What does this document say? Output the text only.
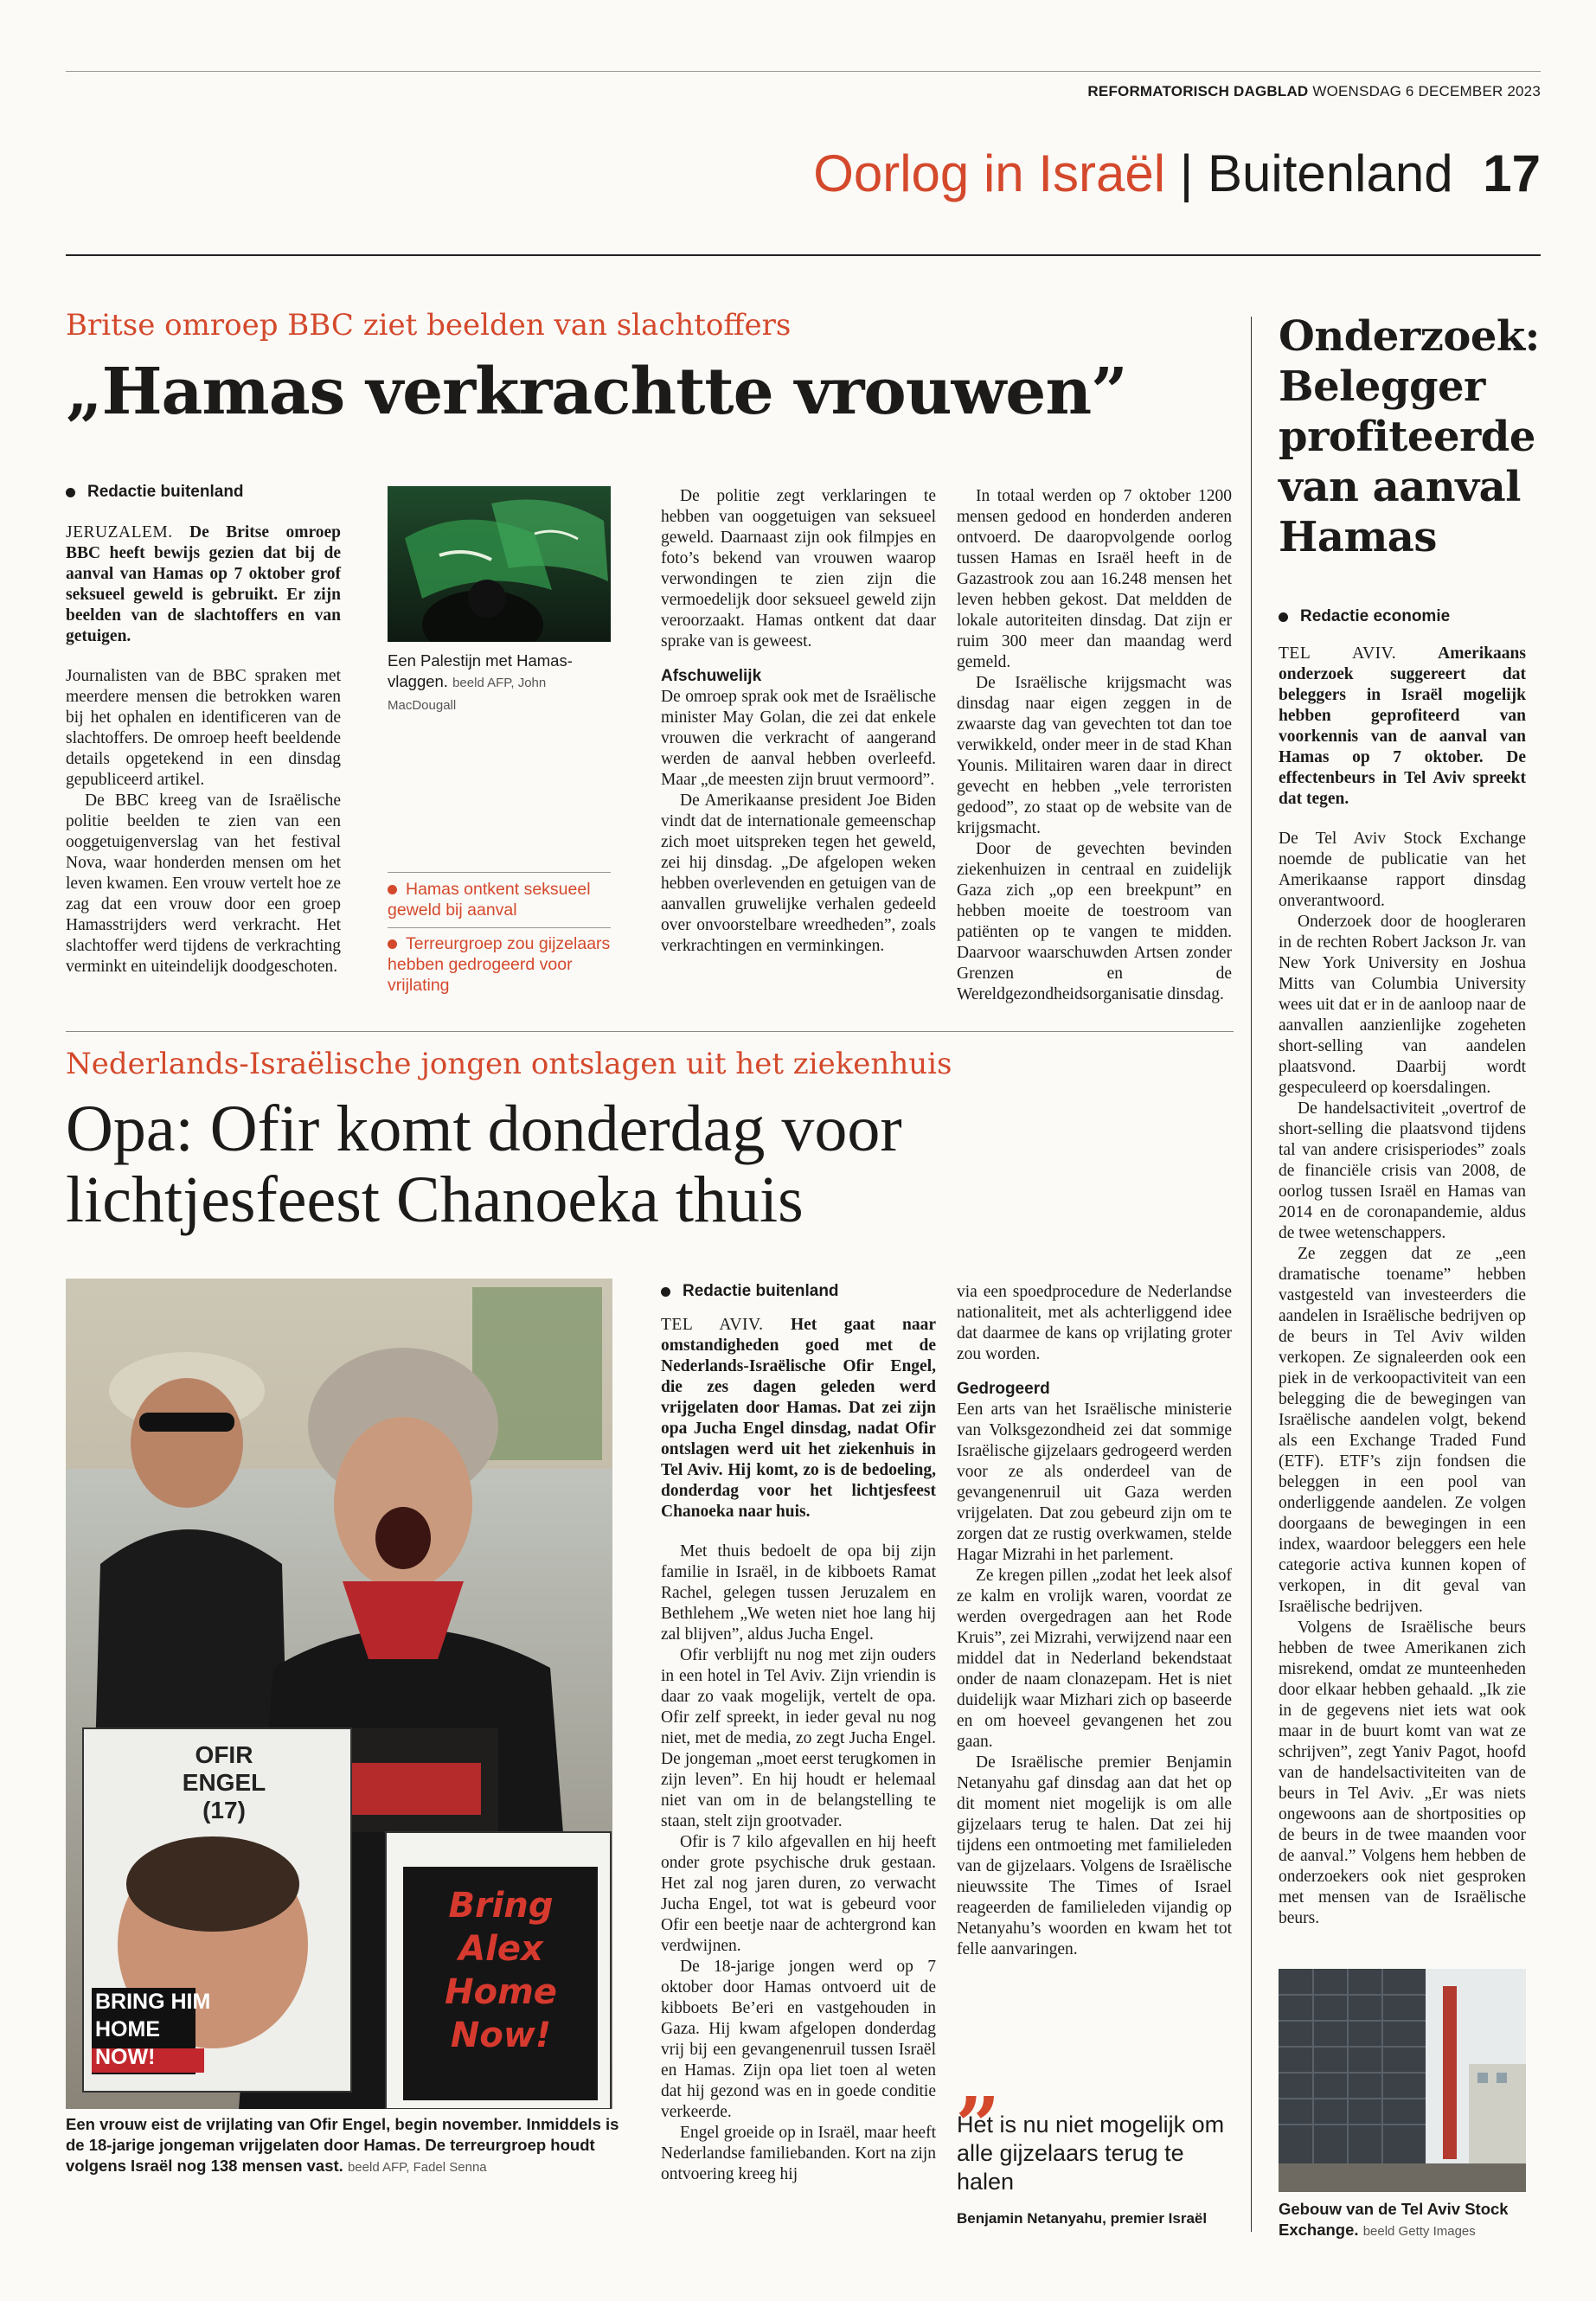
REFORMATORISCH DAGBLAD WOENSDAG 6 DECEMBER 2023
Oorlog in Israël | Buitenland 17
Britse omroep BBC ziet beelden van slachtoffers
„Hamas verkrachtte vrouwen”
Redactie buitenland

JERUZALEM. De Britse omroep BBC heeft bewijs gezien dat bij de aanval van Hamas op 7 oktober grof seksueel geweld is gebruikt. Er zijn beelden van de slachtoffers en van getuigen.

Journalisten van de BBC spraken met meerdere mensen die betrokken waren bij het ophalen en identificeren van de slachtoffers. De omroep heeft beeldende details opgetekend in een dinsdag gepubliceerd artikel.

De BBC kreeg van de Israëlische politie beelden te zien van een ooggetuigenverslag van het festival Nova, waar honderden mensen om het leven kwamen. Een vrouw vertelt hoe ze zag dat een vrouw door een groep Hamasstrijders werd verkracht. Het slachtoffer werd tijdens de verkrachting verminkt en uiteindelijk doodgeschoten.

Een Palestijn met Hamas-vlaggen. beeld AFP, John MacDougall
Hamas ontkent seksueel geweld bij aanval
Terreurgroep zou gijzelaars hebben gedrogeerd voor vrijlating

De politie zegt verklaringen te hebben van ooggetuigen van seksueel geweld. Daarnaast zijn ook filmpjes en foto’s bekend van vrouwen waarop verwondingen te zien zijn die vermoedelijk door seksueel geweld zijn veroorzaakt. Hamas ontkent dat daar sprake van is geweest.

Afschuwelijk

De omroep sprak ook met de Israëlische minister May Golan, die zei dat enkele vrouwen die verkracht of aangerand werden de aanval hebben overleefd. Maar „de meesten zijn bruut vermoord”.

De Amerikaanse president Joe Biden vindt dat de internationale gemeenschap zich moet uitspreken tegen het geweld, zei hij dinsdag. „De afgelopen weken hebben overlevenden en getuigen van de aanvallen gruwelijke verhalen gedeeld over onvoorstelbare wreedheden”, zoals verkrachtingen en verminkingen.

In totaal werden op 7 oktober 1200 mensen gedood en honderden anderen ontvoerd. De daaropvolgende oorlog tussen Hamas en Israël heeft in de Gazastrook zou aan 16.248 mensen het leven hebben gekost. Dat meldden de lokale autoriteiten dinsdag. Dat zijn er ruim 300 meer dan maandag werd gemeld.

De Israëlische krijgsmacht was dinsdag naar eigen zeggen in de zwaarste dag van gevechten tot dan toe verwikkeld, onder meer in de stad Khan Younis. Militairen waren daar in direct gevecht en hebben „vele terroristen gedood”, zo staat op de website van de krijgsmacht.

Door de gevechten bevinden ziekenhuizen in centraal en zuidelijk Gaza zich „op een breekpunt” en hebben moeite de toestroom van patiënten op te vangen te midden. Daarvoor waarschuwden Artsen zonder Grenzen en de Wereldgezondheidsorganisatie dinsdag.

Nederlands-Israëlische jongen ontslagen uit het ziekenhuis
Opa: Ofir komt donderdag voor
lichtjesfeest Chanoeka thuis
OFIR ENGEL
(17)
BRING HIM HOME NOW!
Bring Alex Home Now!
Een vrouw eist de vrijlating van Ofir Engel, begin november. Inmiddels is de 18-jarige jongeman vrijgelaten door Hamas. De terreurgroep houdt volgens Israël nog 138 mensen vast. beeld AFP, Fadel Senna
Redactie buitenland

TEL AVIV. Het gaat naar omstandigheden goed met de Nederlands-Israëlische Ofir Engel, die zes dagen geleden werd vrijgelaten door Hamas. Dat zei zijn opa Jucha Engel dinsdag, nadat Ofir ontslagen werd uit het ziekenhuis in Tel Aviv. Hij komt, zo is de bedoeling, donderdag voor het lichtjesfeest Chanoeka naar huis.

Met thuis bedoelt de opa bij zijn familie in Israël, in de kibboets Ramat Rachel, gelegen tussen Jeruzalem en Bethlehem „We weten niet hoe lang hij zal blijven”, aldus Jucha Engel.

Ofir verblijft nu nog met zijn ouders in een hotel in Tel Aviv. Zijn vriendin is daar zo vaak mogelijk, vertelt de opa. Ofir zelf spreekt, in ieder geval nu nog niet, met de media, zo zegt Jucha Engel. De jongeman „moet eerst terugkomen in zijn leven”. En hij houdt er helemaal niet van om in de belangstelling te staan, stelt zijn grootvader.

Ofir is 7 kilo afgevallen en hij heeft onder grote psychische druk gestaan. Het zal nog jaren duren, zo verwacht Jucha Engel, tot wat is gebeurd voor Ofir een beetje naar de achtergrond kan verdwijnen.

De 18-jarige jongen werd op 7 oktober door Hamas ontvoerd uit de kibboets Be’eri en vastgehouden in Gaza. Hij kwam afgelopen donderdag vrij bij een gevangenenruil tussen Israël en Hamas. Zijn opa liet toen al weten dat hij gezond was en in goede conditie verkeerde.

Engel groeide op in Israël, maar heeft Nederlandse familiebanden. Kort na zijn ontvoering kreeg hij

via een spoedprocedure de Nederlandse nationaliteit, met als achterliggend idee dat daarmee de kans op vrijlating groter zou worden.

Gedrogeerd

Een arts van het Israëlische ministerie van Volksgezondheid zei dat sommige Israëlische gijzelaars gedrogeerd werden voor ze als onderdeel van de gevangenenruil uit Gaza werden vrijgelaten. Dat zou gebeurd zijn om te zorgen dat ze rustig overkwamen, stelde Hagar Mizrahi in het parlement.

Ze kregen pillen „zodat het leek alsof ze kalm en vrolijk waren, voordat ze werden overgedragen aan het Rode Kruis”, zei Mizrahi, verwijzend naar een middel dat in Nederland bekendstaat onder de naam clonazepam. Het is niet duidelijk waar Mizhari zich op baseerde en om hoeveel gevangenen het zou gaan.

De Israëlische premier Benjamin Netanyahu gaf dinsdag aan dat het op dit moment niet mogelijk is om alle gijzelaars terug te halen. Dat zei hij tijdens een ontmoeting met familieleden van de gijzelaars. Volgens de Israëlische nieuwssite The Times of Israel reageerden de familieleden vijandig op Netanyahu’s woorden en kwam het tot felle aanvaringen.

„
Het is nu niet mogelijk om alle gijzelaars terug te halen
Benjamin Netanyahu, premier Israël
Onderzoek: Belegger profiteerde van aanval Hamas
Redactie economie

TEL AVIV. Amerikaans onderzoek suggereert dat beleggers in Israël mogelijk hebben geprofiteerd van voorkennis van de aanval van Hamas op 7 oktober. De effectenbeurs in Tel Aviv spreekt dat tegen.

De Tel Aviv Stock Exchange noemde de publicatie van het Amerikaanse rapport dinsdag onverantwoord.

Onderzoek door de hoogleraren in de rechten Robert Jackson Jr. van New York University en Joshua Mitts van Columbia University wees uit dat er in de aanloop naar de aanvallen aanzienlijke zogeheten short-selling van aandelen plaatsvond. Daarbij wordt gespeculeerd op koersdalingen.

De handelsactiviteit „overtrof de short-selling die plaatsvond tijdens tal van andere crisisperiodes” zoals de financiële crisis van 2008, de oorlog tussen Israël en Hamas van 2014 en de coronapandemie, aldus de twee wetenschappers.

Ze zeggen dat ze „een dramatische toename” hebben vastgesteld van investeerders die aandelen in Israëlische bedrijven op de beurs in Tel Aviv wilden verkopen. Ze signaleerden ook een piek in de verkoopactiviteit van een belegging die de bewegingen van Israëlische aandelen volgt, bekend als een Exchange Traded Fund (ETF). ETF’s zijn fondsen die beleggen in een pool van onderliggende aandelen. Ze volgen doorgaans de bewegingen in een index, waardoor beleggers een hele categorie activa kunnen kopen of verkopen, in dit geval van Israëlische bedrijven.

Volgens de Israëlische beurs hebben de twee Amerikanen zich misrekend, omdat ze munteenheden door elkaar hebben gehaald. „Ik zie in de gegevens niet iets wat ook maar in de buurt komt van wat ze schrijven”, zegt Yaniv Pagot, hoofd van de handelsactiviteiten van de beurs in Tel Aviv. „Er was niets ongewoons aan de shortposities op de beurs in de twee maanden voor de aanval.” Volgens hem hebben de onderzoekers ook niet gesproken met mensen van de Israëlische beurs.

Gebouw van de Tel Aviv Stock Exchange. beeld Getty Images
